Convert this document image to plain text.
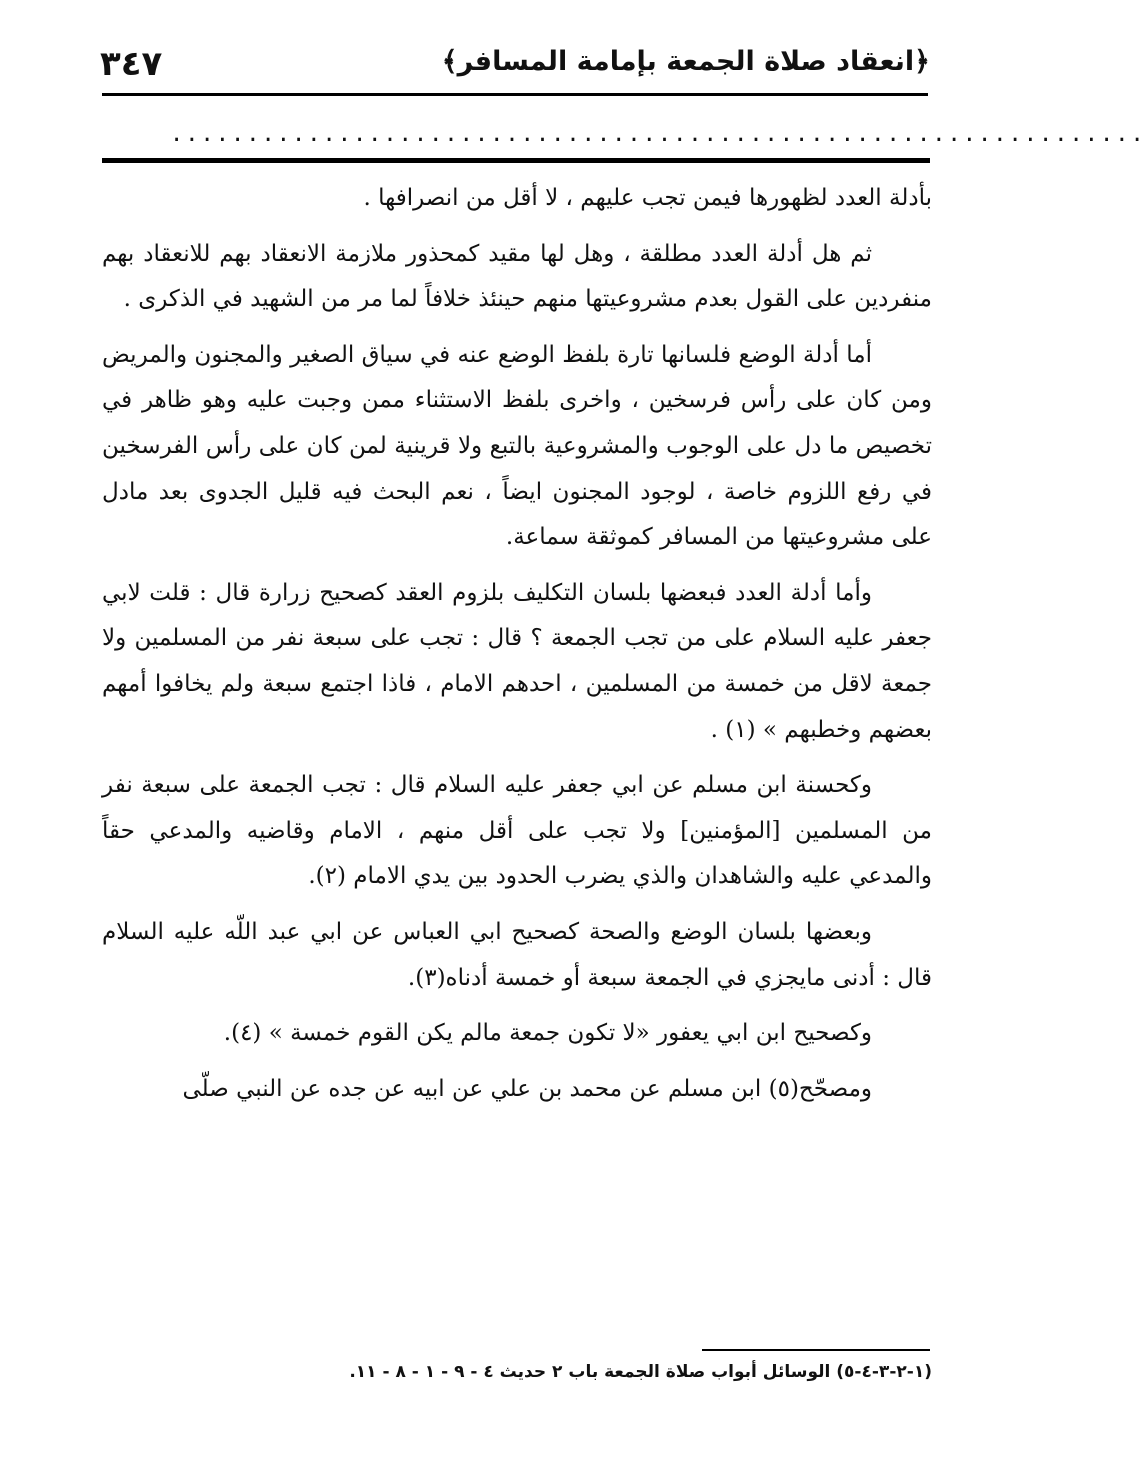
٣٤٧	﴿انعقاد صلاة الجمعة بإمامة المسافر﴾
................................................................

بأدلة العدد لظهورها فيمن تجب عليهم ، لا أقل من انصرافها .

ثم هل أدلة العدد مطلقة ، وهل لها مقيد كمحذور ملازمة الانعقاد بهم للانعقاد بهم منفردين على القول بعدم مشروعيتها منهم حينئذ خلافاً لما مر من الشهيد في الذكرى .

أما أدلة الوضع فلسانها تارة بلفظ الوضع عنه في سياق الصغير والمجنون والمريض ومن كان على رأس فرسخين ، واخرى بلفظ الاستثناء ممن وجبت عليه وهو ظاهر في تخصيص ما دل على الوجوب والمشروعية بالتبع ولا قرينية لمن كان على رأس الفرسخين في رفع اللزوم خاصة ، لوجود المجنون ايضاً ، نعم البحث فيه قليل الجدوى بعد مادل على مشروعيتها من المسافر كموثقة سماعة.

وأما أدلة العدد فبعضها بلسان التكليف بلزوم العقد كصحيح زرارة قال : قلت لابي جعفر عليه السلام على من تجب الجمعة ؟ قال : تجب على سبعة نفر من المسلمين ولا جمعة لاقل من خمسة من المسلمين ، احدهم الامام ، فاذا اجتمع سبعة ولم يخافوا أمهم بعضهم وخطبهم » (١) .

وكحسنة ابن مسلم عن ابي جعفر عليه السلام قال : تجب الجمعة على سبعة نفر من المسلمين [المؤمنين] ولا تجب على أقل منهم ، الامام وقاضيه والمدعي حقاً والمدعي عليه والشاهدان والذي يضرب الحدود بين يدي الامام (٢).

وبعضها بلسان الوضع والصحة كصحيح ابي العباس عن ابي عبد اللّه عليه السلام قال : أدنى مايجزي في الجمعة سبعة أو خمسة أدناه(٣).

وكصحيح ابن ابي يعفور «لا تكون جمعة مالم يكن القوم خمسة » (٤).

ومصحّح(٥) ابن مسلم عن محمد بن علي عن ابيه عن جده عن النبي صلّى

(١-٢-٣-٤-٥) الوسائل أبواب صلاة الجمعة باب ٢ حديث ٤ - ٩ - ١ - ٨ - ١١.
